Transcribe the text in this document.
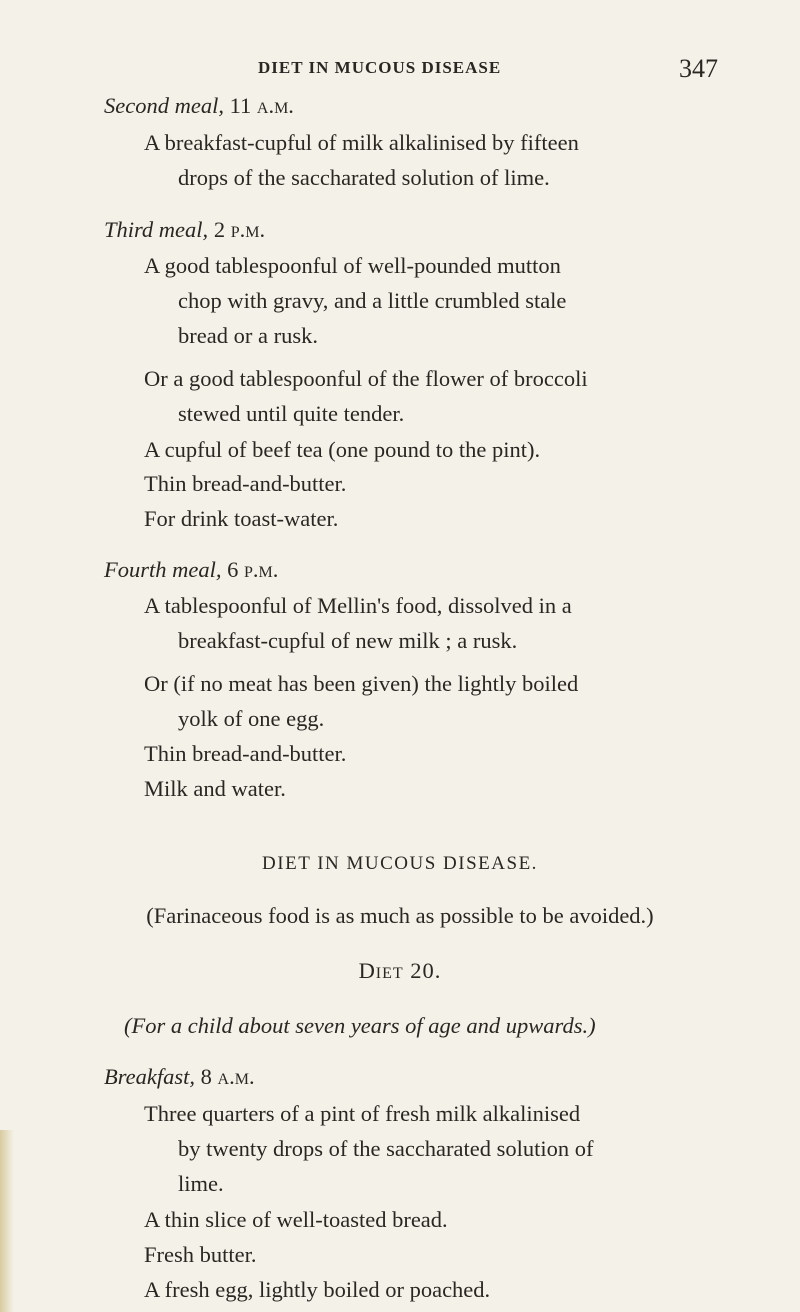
DIET IN MUCOUS DISEASE	347
Second meal, 11 a.m.
A breakfast-cupful of milk alkalinised by fifteen
drops of the saccharated solution of lime.
Third meal, 2 p.m.
A good tablespoonful of well-pounded mutton
chop with gravy, and a little crumbled stale
bread or a rusk.
Or a good tablespoonful of the flower of broccoli
stewed until quite tender.
A cupful of beef tea (one pound to the pint).
Thin bread-and-butter.
For drink toast-water.
Fourth meal, 6 p.m.
A tablespoonful of Mellin's food, dissolved in a
breakfast-cupful of new milk ; a rusk.
Or (if no meat has been given) the lightly boiled
yolk of one egg.
Thin bread-and-butter.
Milk and water.
DIET IN MUCOUS DISEASE.
(Farinaceous food is as much as possible to be avoided.)
Diet 20.
(For a child about seven years of age and upwards.)
Breakfast, 8 a.m.
Three quarters of a pint of fresh milk alkalinised
by twenty drops of the saccharated solution of
lime.
A thin slice of well-toasted bread.
Fresh butter.
A fresh egg, lightly boiled or poached.
